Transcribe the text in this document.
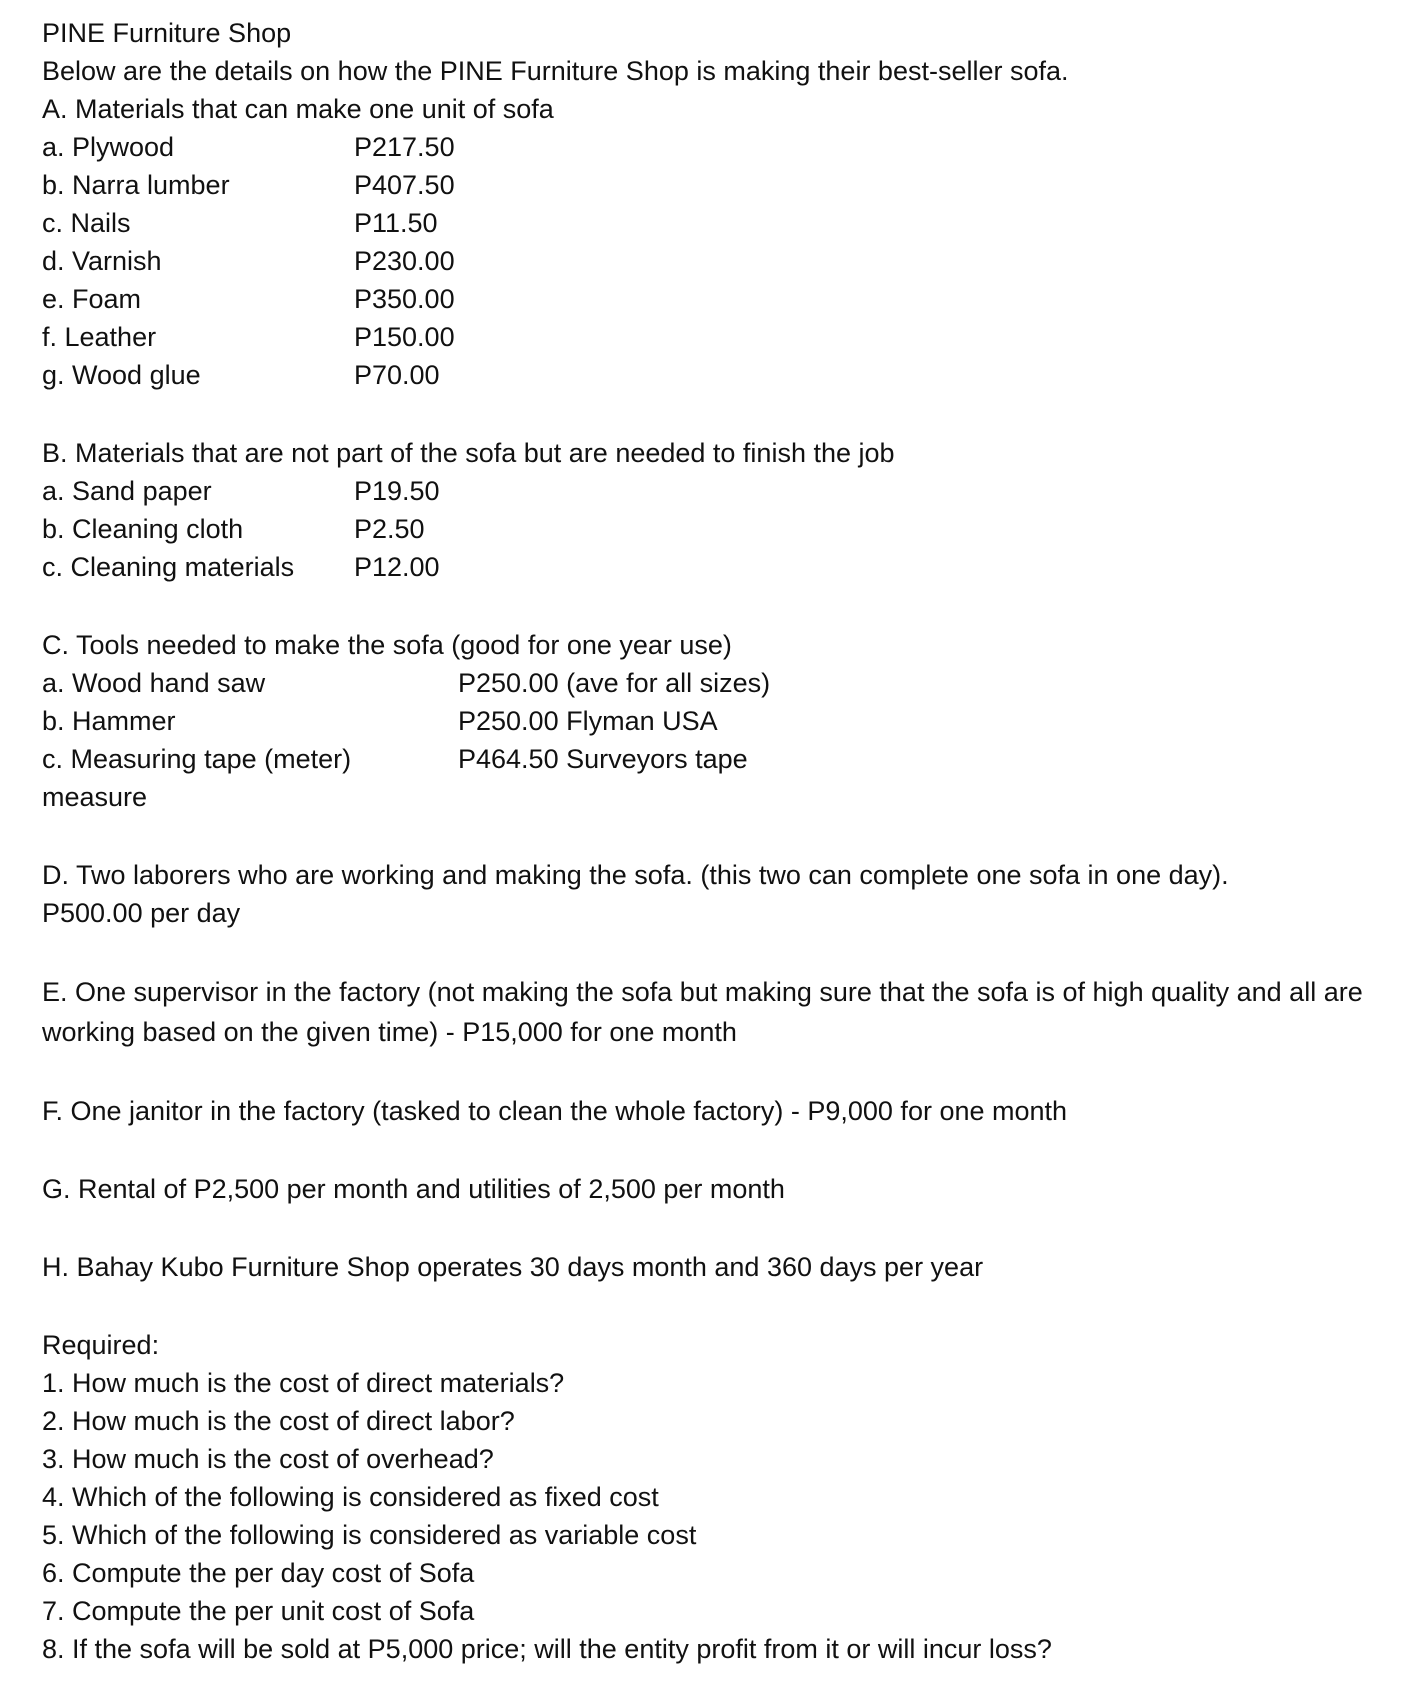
PINE Furniture Shop
Below are the details on how the PINE Furniture Shop is making their best-seller sofa.
A. Materials that can make one unit of sofa
a. Plywood	P217.50
b. Narra lumber	P407.50
c. Nails	P11.50
d. Varnish	P230.00
e. Foam	P350.00
f. Leather	P150.00
g. Wood glue	P70.00
B. Materials that are not part of the sofa but are needed to finish the job
a. Sand paper	P19.50
b. Cleaning cloth	P2.50
c. Cleaning materials	P12.00
C. Tools needed to make the sofa (good for one year use)
a. Wood hand saw	P250.00 (ave for all sizes)
b. Hammer	P250.00 Flyman USA
c. Measuring tape (meter)	P464.50 Surveyors tape
measure
D. Two laborers who are working and making the sofa. (this two can complete one sofa in one day).
P500.00 per day
E. One supervisor in the factory (not making the sofa but making sure that the sofa is of high quality and all are working based on the given time) - P15,000 for one month
F. One janitor in the factory (tasked to clean the whole factory) - P9,000 for one month
G. Rental of P2,500 per month and utilities of 2,500 per month
H. Bahay Kubo Furniture Shop operates 30 days month and 360 days per year
Required:
1. How much is the cost of direct materials?
2. How much is the cost of direct labor?
3. How much is the cost of overhead?
4. Which of the following is considered as fixed cost
5. Which of the following is considered as variable cost
6. Compute the per day cost of Sofa
7. Compute the per unit cost of Sofa
8. If the sofa will be sold at P5,000 price; will the entity profit from it or will incur loss?
